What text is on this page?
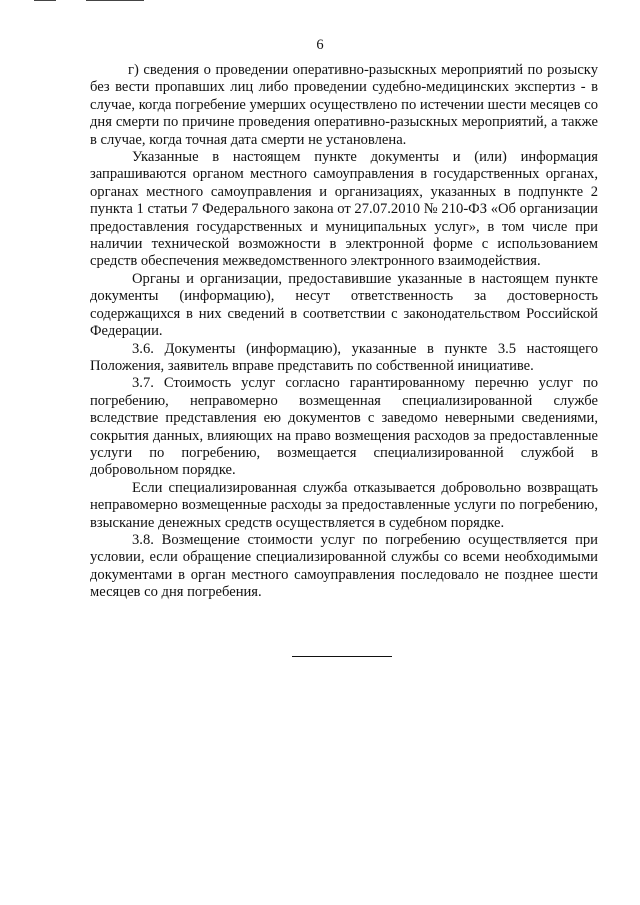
6

г) сведения о проведении оперативно-разыскных мероприятий по розыску без вести пропавших лиц либо проведении судебно-медицинских экспертиз - в случае, когда погребение умерших осуществлено по истечении шести месяцев со дня смерти по причине проведения оперативно-разыскных мероприятий, а также в случае, когда точная дата смерти не установлена.

Указанные в настоящем пункте документы и (или) информация запрашиваются органом местного самоуправления в государственных органах, органах местного самоуправления и организациях, указанных в подпункте 2 пункта 1 статьи 7 Федерального закона от 27.07.2010 № 210-ФЗ «Об организации предоставления государственных и муниципальных услуг», в том числе при наличии технической возможности в электронной форме с использованием средств обеспечения межведомственного электронного взаимодействия.

Органы и организации, предоставившие указанные в настоящем пункте документы (информацию), несут ответственность за достоверность содержащихся в них сведений в соответствии с законодательством Российской Федерации.

3.6. Документы (информацию), указанные в пункте 3.5 настоящего Положения, заявитель вправе представить по собственной инициативе.

3.7. Стоимость услуг согласно гарантированному перечню услуг по погребению, неправомерно возмещенная специализированной службе вследствие представления ею документов с заведомо неверными сведениями, сокрытия данных, влияющих на право возмещения расходов за предоставленные услуги по погребению, возмещается специализированной службой в добровольном порядке.

Если специализированная служба отказывается добровольно возвращать неправомерно возмещенные расходы за предоставленные услуги по погребению, взыскание денежных средств осуществляется в судебном порядке.

3.8. Возмещение стоимости услуг по погребению осуществляется при условии, если обращение специализированной службы со всеми необходимыми документами в орган местного самоуправления последовало не позднее шести месяцев со дня погребения.
